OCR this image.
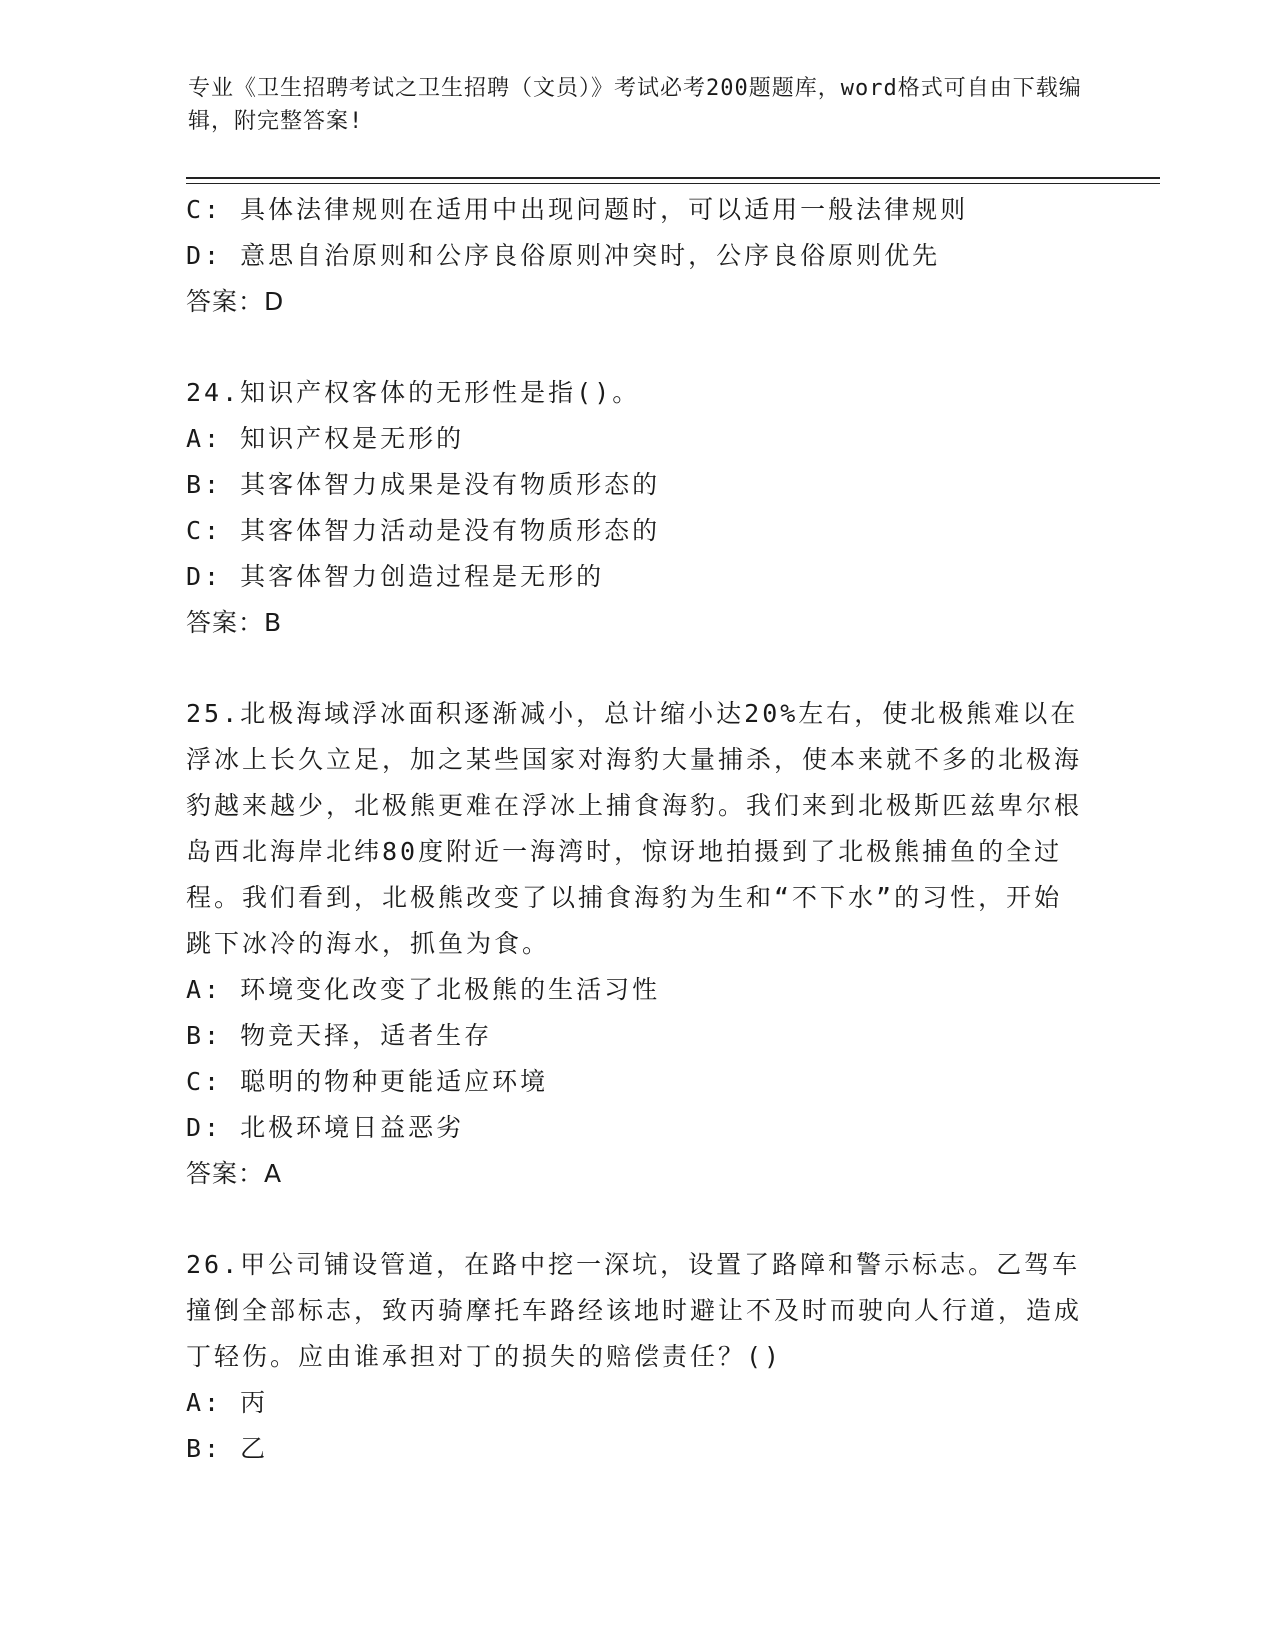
专业《卫生招聘考试之卫生招聘（文员）》考试必考200题题库，word格式可自由下载编辑，附完整答案!
C: 具体法律规则在适用中出现问题时，可以适用一般法律规则
D: 意思自治原则和公序良俗原则冲突时，公序良俗原则优先
答案：D
24.知识产权客体的无形性是指()。
A: 知识产权是无形的
B: 其客体智力成果是没有物质形态的
C: 其客体智力活动是没有物质形态的
D: 其客体智力创造过程是无形的
答案：B
25.北极海域浮冰面积逐渐减小，总计缩小达20%左右，使北极熊难以在浮冰上长久立足，加之某些国家对海豹大量捕杀，使本来就不多的北极海豹越来越少，北极熊更难在浮冰上捕食海豹。我们来到北极斯匹兹卑尔根岛西北海岸北纬80度附近一海湾时，惊讶地拍摄到了北极熊捕鱼的全过程。我们看到，北极熊改变了以捕食海豹为生和“不下水”的习性，开始跳下冰冷的海水，抓鱼为食。
A: 环境变化改变了北极熊的生活习性
B: 物竞天择，适者生存
C: 聪明的物种更能适应环境
D: 北极环境日益恶劣
答案：A
26.甲公司铺设管道，在路中挖一深坑，设置了路障和警示标志。乙驾车撞倒全部标志，致丙骑摩托车路经该地时避让不及时而驶向人行道，造成丁轻伤。应由谁承担对丁的损失的赔偿责任？()
A: 丙
B: 乙
